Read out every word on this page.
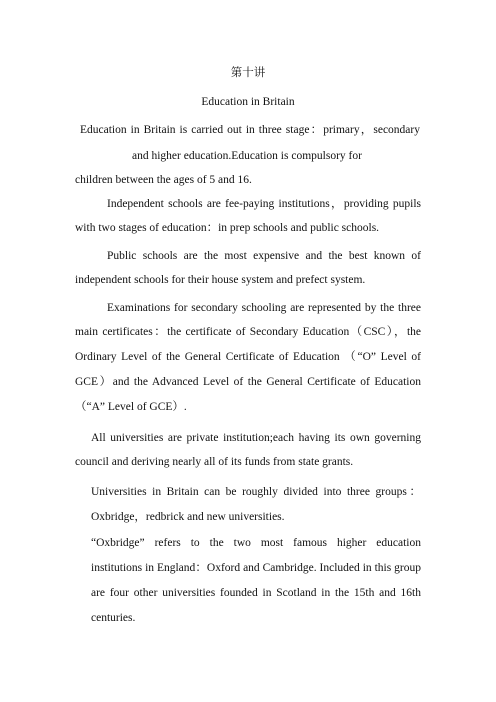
第十讲
Education in Britain
Education in Britain is carried out in three stage：primary，secondary
and higher education.Education is compulsory for
children between the ages of 5 and 16.
Independent schools are fee-paying institutions，providing pupils
with two stages of education：in prep schools and public schools.
Public schools are the most expensive and the best known of
independent schools for their house system and prefect system.
Examinations for secondary schooling are represented by the three
main certificates：the certificate of Secondary Education（CSC），the
Ordinary Level of the General Certificate of Education （“O” Level of
GCE）and the Advanced Level of the General Certificate of Education
（“A” Level of GCE）.
All universities are private institution;each having its own governing
council and deriving nearly all of its funds from state grants.
Universities in Britain can be roughly divided into three groups：
Oxbridge，redbrick and new universities.
“Oxbridge” refers to the two most famous higher education
institutions in England：Oxford and Cambridge. Included in this group
are four other universities founded in Scotland in the 15th and 16th
centuries.
